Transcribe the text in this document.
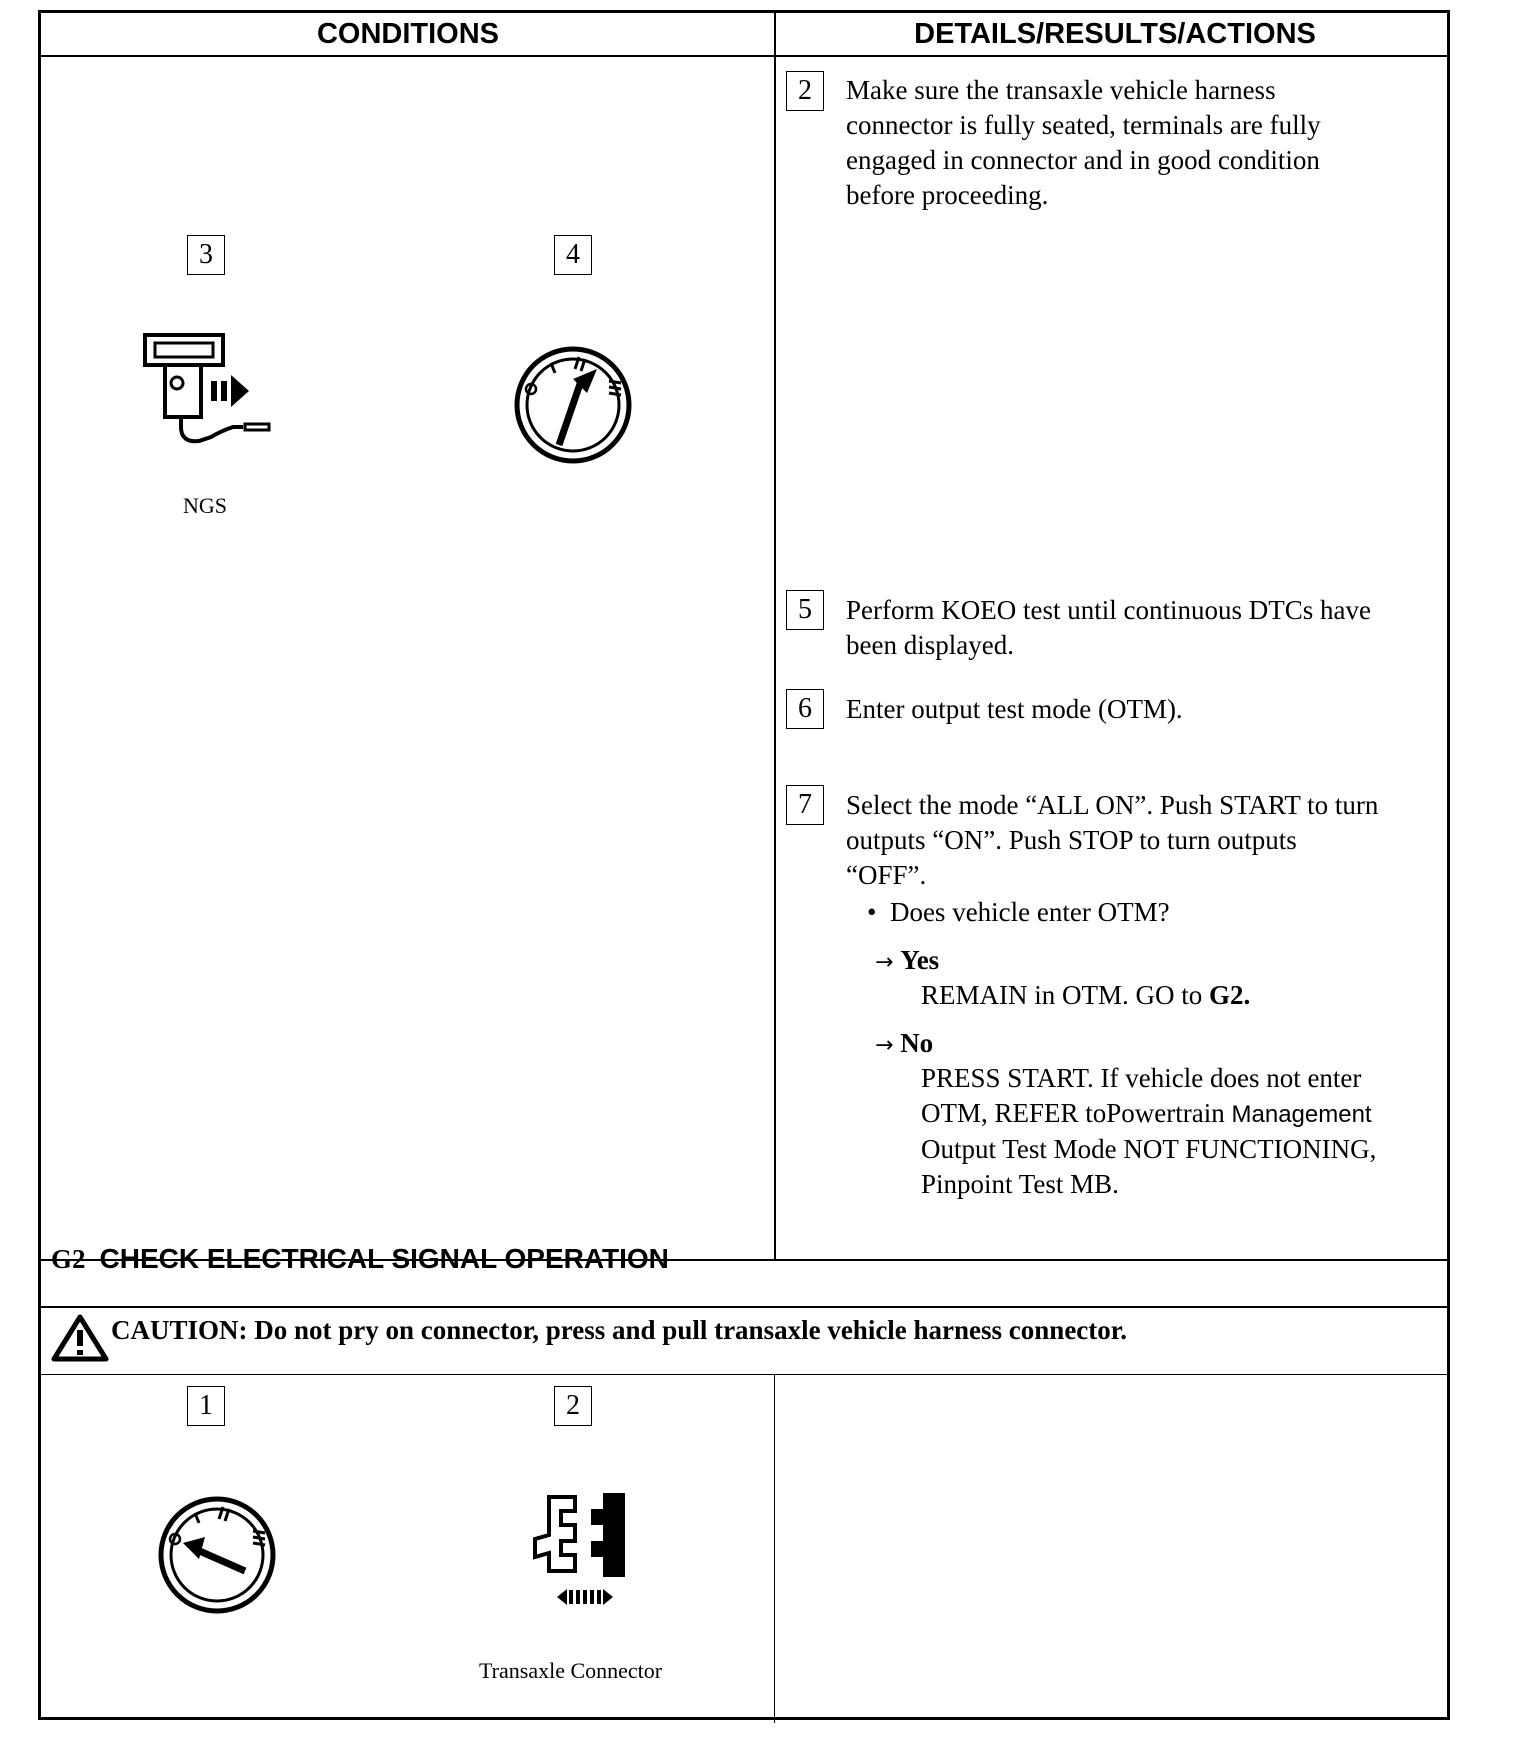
CONDITIONS	DETAILS/RESULTS/ACTIONS
3	4
NGS
2	Make sure the transaxle vehicle harness
connector is fully seated, terminals are fully
engaged in connector and in good condition
before proceeding.
5	Perform KOEO test until continuous DTCs have
been displayed.
6	Enter output test mode (OTM).
7	Select the mode “ALL ON”. Push START to turn
outputs “ON”. Push STOP to turn outputs
“OFF”.
• Does vehicle enter OTM?
→ Yes
REMAIN in OTM. GO to G2.
→ No
PRESS START. If vehicle does not enter
OTM, REFER toPowertrain Management
Output Test Mode NOT FUNCTIONING,
Pinpoint Test MB.
G2 CHECK ELECTRICAL SIGNAL OPERATION
CAUTION: Do not pry on connector, press and pull transaxle vehicle harness connector.
1	2
Transaxle Connector
